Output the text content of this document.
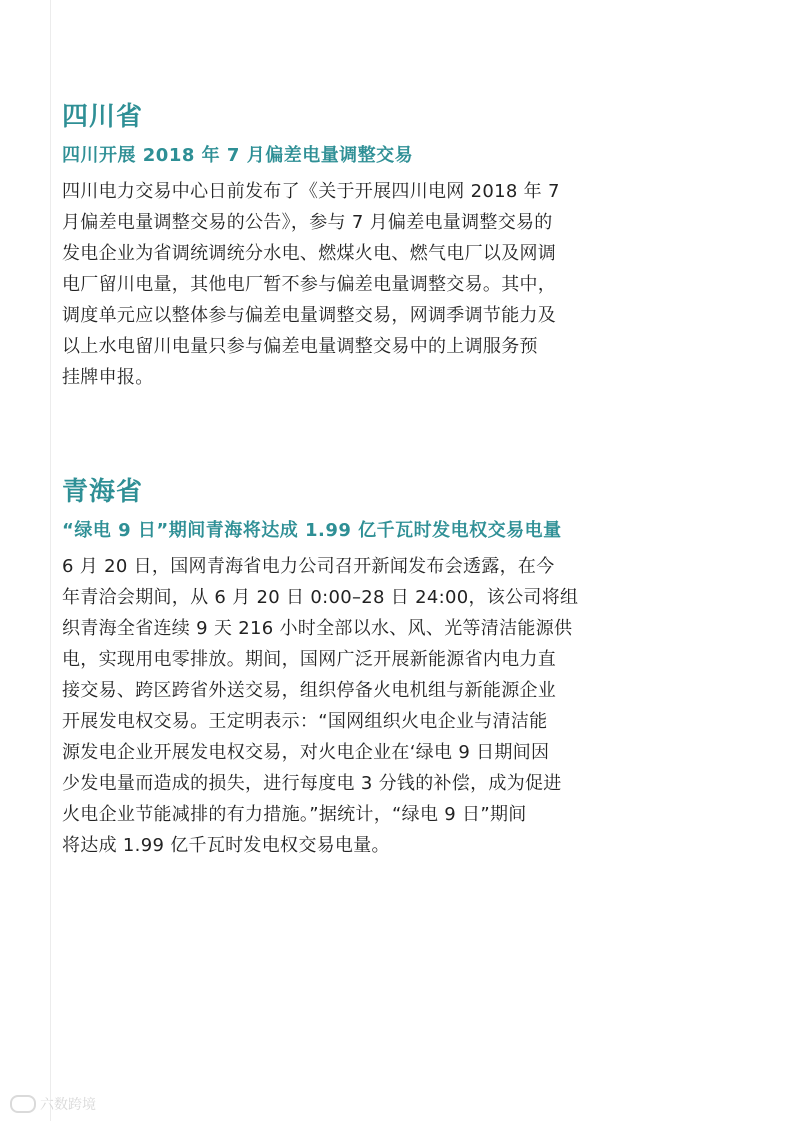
四川省
四川开展 2018 年 7 月偏差电量调整交易
四川电力交易中心日前发布了《关于开展四川电网 2018 年 7
月偏差电量调整交易的公告》，参与 7 月偏差电量调整交易的
发电企业为省调统调统分水电、燃煤火电、燃气电厂以及网调
电厂留川电量，其他电厂暂不参与偏差电量调整交易。其中，
调度单元应以整体参与偏差电量调整交易，网调季调节能力及
以上水电留川电量只参与偏差电量调整交易中的上调服务预
挂牌申报。
青海省
“绿电 9 日”期间青海将达成 1.99 亿千瓦时发电权交易电量
6 月 20 日，国网青海省电力公司召开新闻发布会透露，在今
年青洽会期间，从 6 月 20 日 0:00–28 日 24:00，该公司将组
织青海全省连续 9 天 216 小时全部以水、风、光等清洁能源供
电，实现用电零排放。期间，国网广泛开展新能源省内电力直
接交易、跨区跨省外送交易，组织停备火电机组与新能源企业
开展发电权交易。王定明表示：“国网组织火电企业与清洁能
源发电企业开展发电权交易，对火电企业在‘绿电 9 日期间因
少发电量而造成的损失，进行每度电 3 分钱的补偿，成为促进
火电企业节能减排的有力措施。”据统计，“绿电 9 日”期间
将达成 1.99 亿千瓦时发电权交易电量。
六数跨境
